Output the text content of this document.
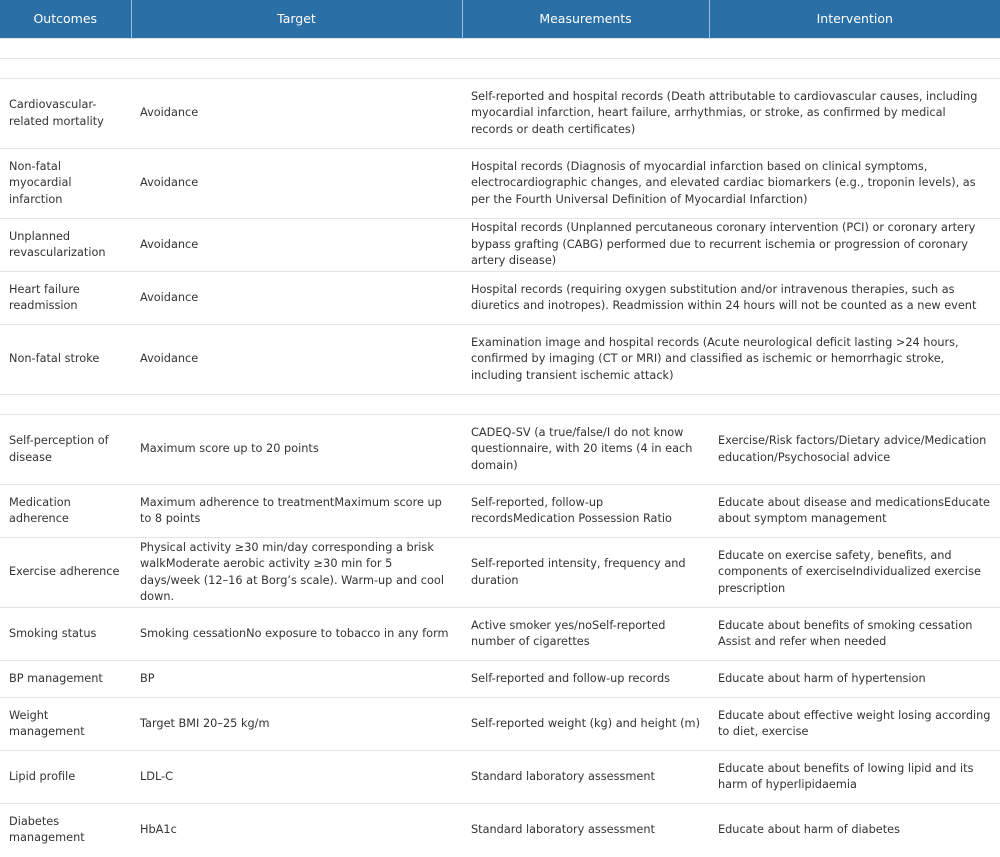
Outcomes	Target	Measurements	Intervention

Cardiovascular-related mortality	Avoidance	Self-reported and hospital records (Death attributable to cardiovascular causes, including myocardial infarction, heart failure, arrhythmias, or stroke, as confirmed by medical records or death certificates)	
Non-fatal myocardial infarction	Avoidance	Hospital records (Diagnosis of myocardial infarction based on clinical symptoms, electrocardiographic changes, and elevated cardiac biomarkers (e.g., troponin levels), as per the Fourth Universal Definition of Myocardial Infarction)	
Unplanned revascularization	Avoidance	Hospital records (Unplanned percutaneous coronary intervention (PCI) or coronary artery bypass grafting (CABG) performed due to recurrent ischemia or progression of coronary artery disease)	
Heart failure readmission	Avoidance	Hospital records (requiring oxygen substitution and/or intravenous therapies, such as diuretics and inotropes). Readmission within 24 hours will not be counted as a new event	
Non-fatal stroke	Avoidance	Examination image and hospital records (Acute neurological deficit lasting >24 hours, confirmed by imaging (CT or MRI) and classified as ischemic or hemorrhagic stroke, including transient ischemic attack)	

Self-perception of disease	Maximum score up to 20 points	CADEQ-SV (a true/false/I do not know questionnaire, with 20 items (4 in each domain)	Exercise/Risk factors/Dietary advice/Medication education/Psychosocial advice
Medication adherence	Maximum adherence to treatmentMaximum score up to 8 points	Self-reported, follow-up recordsMedication Possession Ratio	Educate about disease and medicationsEducate about symptom management
Exercise adherence	Physical activity ≥30 min/day corresponding a brisk walkModerate aerobic activity ≥30 min for 5 days/week (12–16 at Borg’s scale). Warm-up and cool down.	Self-reported intensity, frequency and duration	Educate on exercise safety, benefits, and components of exerciseIndividualized exercise prescription
Smoking status	Smoking cessationNo exposure to tobacco in any form	Active smoker yes/noSelf-reported number of cigarettes	Educate about benefits of smoking cessation Assist and refer when needed
BP management	BP	Self-reported and follow-up records	Educate about harm of hypertension
Weight management	Target BMI 20–25 kg/m	Self-reported weight (kg) and height (m)	Educate about effective weight losing according to diet, exercise
Lipid profile	LDL-C	Standard laboratory assessment	Educate about benefits of lowing lipid and its harm of hyperlipidaemia
Diabetes management	HbA1c	Standard laboratory assessment	Educate about harm of diabetes
